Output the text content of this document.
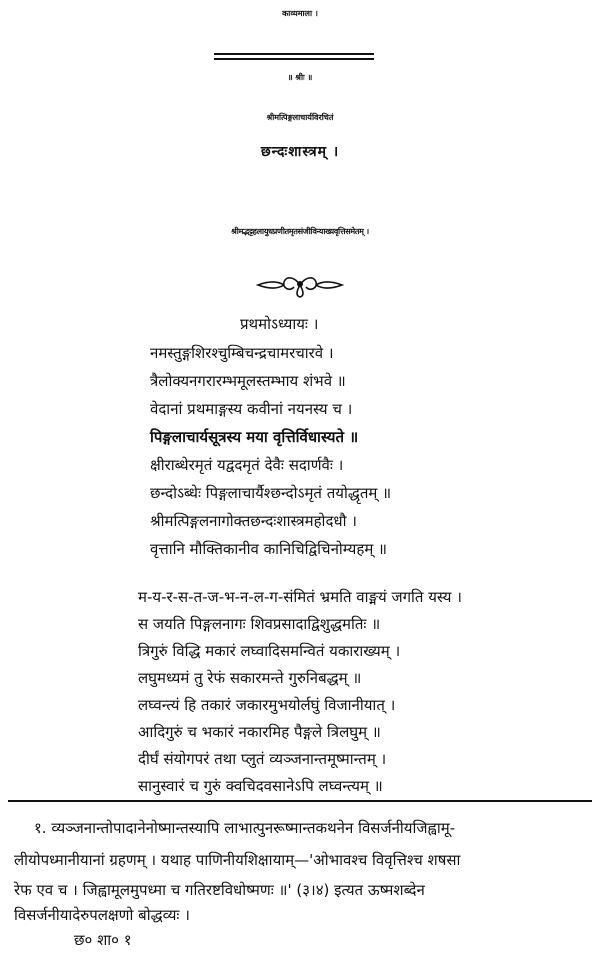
काव्यमाला ।
॥ श्रीः ॥
श्रीमत्पिङ्गलाचार्यविरचितं
छन्दःशास्त्रम् ।
श्रीमद्भट्टहलायुधप्रणीतमृतसंजीविन्याख्यवृत्तिसमेतम् ।
प्रथमोऽध्यायः ।
नमस्तुङ्गशिरश्चुम्बिचन्द्रचामरचारवे ।
त्रैलोक्यनगरारम्भमूलस्तम्भाय शंभवे ॥
वेदानां प्रथमाङ्गस्य कवीनां नयनस्य च ।
पिङ्गलाचार्यसूत्रस्य मया वृत्तिर्विधास्यते ॥
क्षीराब्धेरमृतं यद्वदमृतं देवैः सदार्णवैः ।
छन्दोऽब्धेः पिङ्गलाचार्यैश्छन्दोऽमृतं तयोद्धृतम् ॥
श्रीमत्पिङ्गलनागोक्तछन्दःशास्त्रमहोदधौ ।
वृत्तानि मौक्तिकानीव कानिचिद्विचिनोम्यहम् ॥
म-य-र-स-त-ज-भ-न-ल-ग-संमितं भ्रमति वाङ्मयं जगति यस्य ।
स जयति पिङ्गलनागः शिवप्रसादाद्विशुद्धमतिः ॥
त्रिगुरुं विद्धि मकारं लघ्वादिसमन्वितं यकाराख्यम् ।
लघुमध्यमं तु रेफं सकारमन्ते गुरुनिबद्धम् ॥
लघ्वन्त्यं हि तकारं जकारमुभयोर्लघुं विजानीयात् ।
आदिगुरुं च भकारं नकारमिह पैङ्गले त्रिलघुम् ॥
दीर्घं संयोगपरं तथा प्लुतं व्यञ्जनान्तमूष्मान्तम् ।
सानुस्वारं च गुरुं क्वचिदवसानेऽपि लघ्वन्त्यम् ॥
१. व्यञ्जनान्तोपादानेनोष्मान्तस्यापि लाभात्पुनरूष्मान्तकथनेन विसर्जनीयजिह्वामू-
लीयोपध्मानीयानां ग्रहणम् । यथाह पाणिनीयशिक्षायाम्—'ओभावश्च विवृत्तिश्च शषसा
रेफ एव च । जिह्वामूलमुपध्मा च गतिरष्टविधोष्मणः ॥' (३।४) इत्यत ऊष्मशब्देन
विसर्जनीयादेरुपलक्षणो बोद्धव्यः ।
छ० शा० १
